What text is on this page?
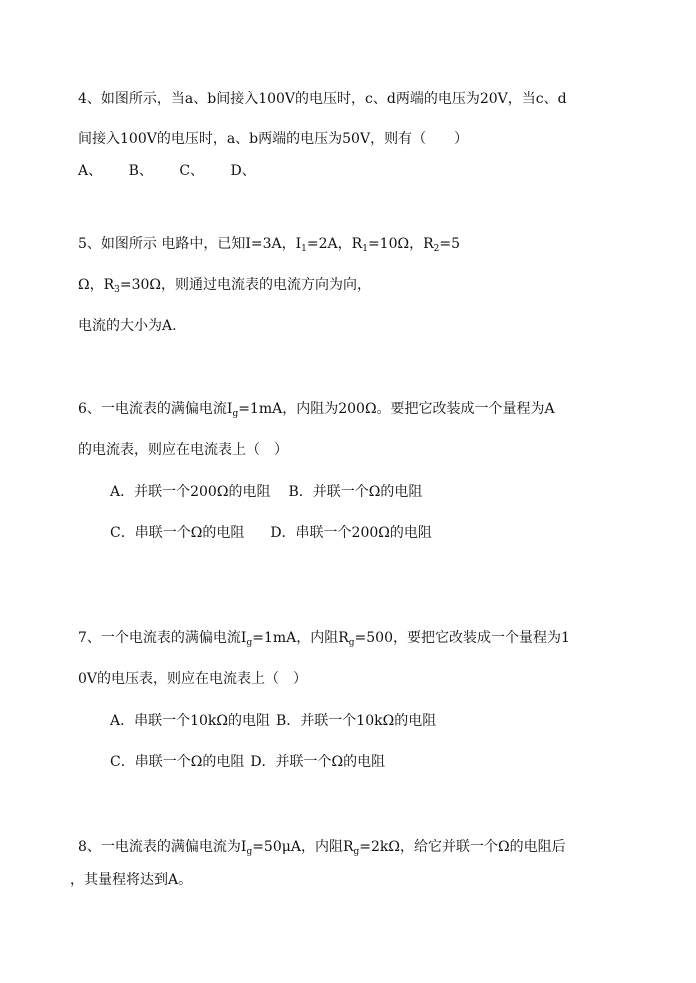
4、如图所示，当a、b间接入100V的电压时，c、d两端的电压为20V，当c、d
间接入100V的电压时，a、b两端的电压为50V，则有（　　）
A、 B、 C、 D、
5、如图所示 电路中，已知I=3A，$I_1=2A$，$R_1=10\Omega$，$R_2=5$
Ω，$R_3=30\Omega$，则通过电流表的电流方向为向，
电流的大小为A.
6、一电流表的满偏电流$I_g=1mA$，内阻为200Ω。要把它改装成一个量程为A
的电流表，则应在电流表上（　）
A．并联一个200Ω的电阻 B．并联一个Ω的电阻
C．串联一个Ω的电阻 D．串联一个200Ω的电阻
7、一个电流表的满偏电流$I_g=1mA$，内阻$R_g=500$，要把它改装成一个量程为1
0V的电压表，则应在电流表上（　）
A．串联一个10kΩ的电阻 B．并联一个10kΩ的电阻
C．串联一个Ω的电阻 D．并联一个Ω的电阻
8、一电流表的满偏电流为$I_g=50\mu A$，内阻$R_g=2k\Omega$，给它并联一个Ω的电阻后
，其量程将达到A。
